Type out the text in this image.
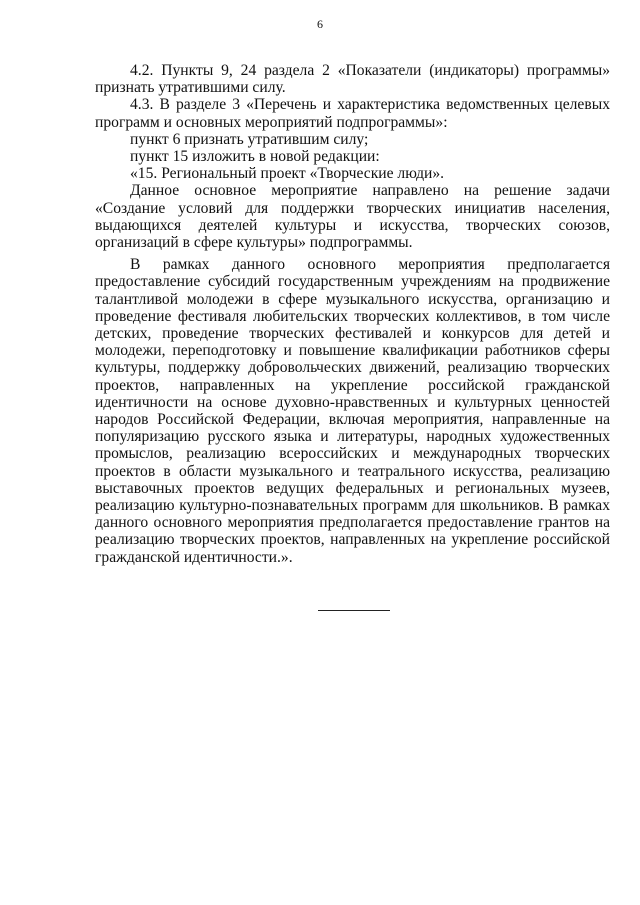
6

4.2. Пункты 9, 24 раздела 2 «Показатели (индикаторы) программы» признать утратившими силу.

4.3. В разделе 3 «Перечень и характеристика ведомственных целевых программ и основных мероприятий подпрограммы»:

пункт 6 признать утратившим силу;

пункт 15 изложить в новой редакции:

«15. Региональный проект «Творческие люди».

Данное основное мероприятие направлено на решение задачи «Создание условий для поддержки творческих инициатив населения, выдающихся деятелей культуры и искусства, творческих союзов, организаций в сфере культуры» подпрограммы.

В рамках данного основного мероприятия предполагается предоставление субсидий государственным учреждениям на продвижение талантливой молодежи в сфере музыкального искусства, организацию и проведение фестиваля любительских творческих коллективов, в том числе детских, проведение творческих фестивалей и конкурсов для детей и молодежи, переподготовку и повышение квалификации работников сферы культуры, поддержку добровольческих движений, реализацию творческих проектов, направленных на укрепление российской гражданской идентичности на основе духовно-нравственных и культурных ценностей народов Российской Федерации, включая мероприятия, направленные на популяризацию русского языка и литературы, народных художественных промыслов, реализацию всероссийских и международных творческих проектов в области музыкального и театрального искусства, реализацию выставочных проектов ведущих федеральных и региональных музеев, реализацию культурно-познавательных программ для школьников. В рамках данного основного мероприятия предполагается предоставление грантов на реализацию творческих проектов, направленных на укрепление российской гражданской идентичности.».
